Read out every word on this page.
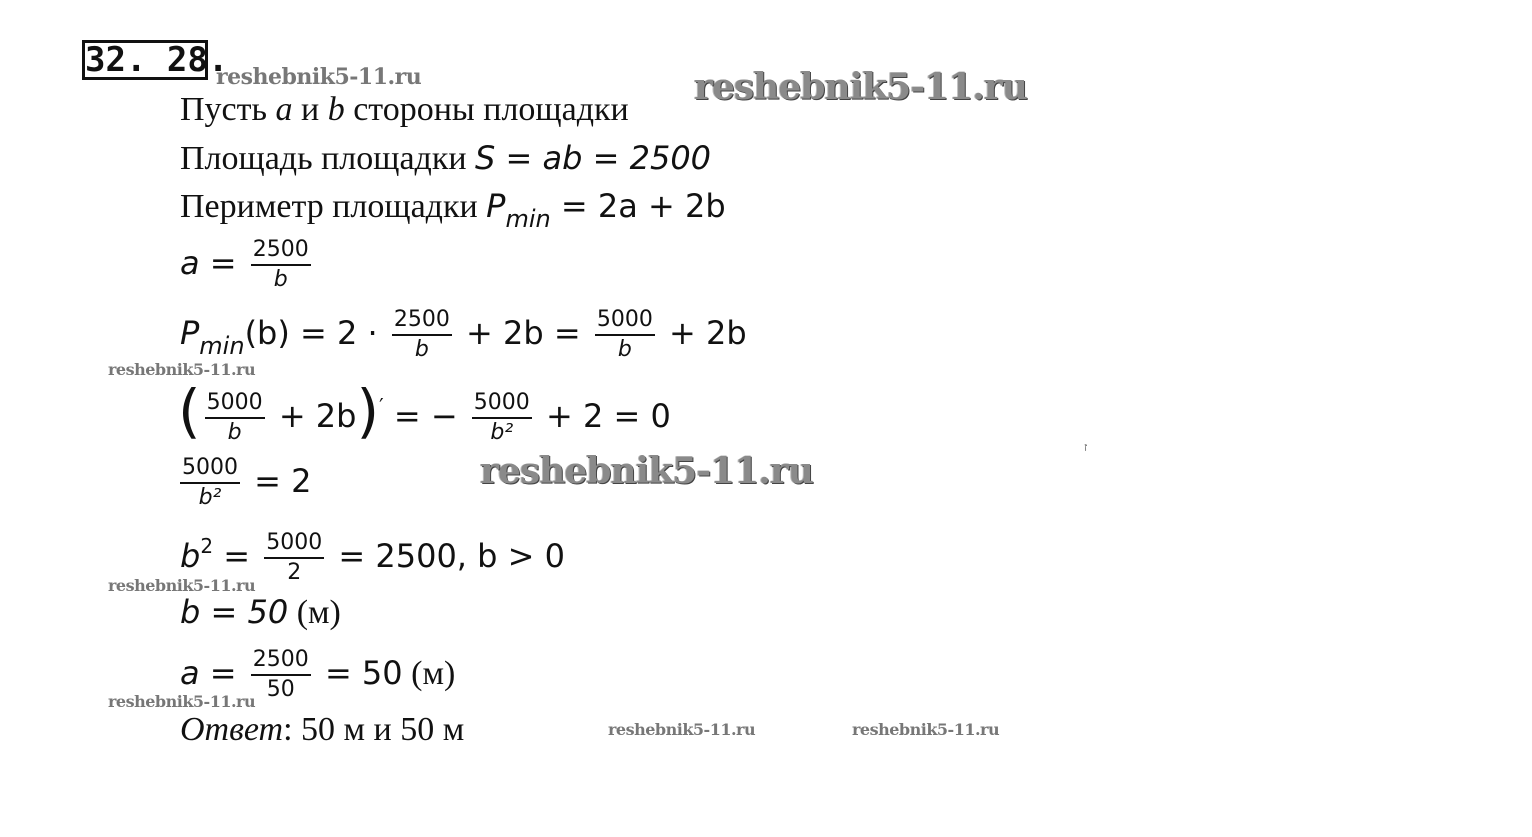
32. 28.
reshebnik5-11.ru	reshebnik5-11.ru
reshebnik5-11.ru
reshebnik5-11.ru
reshebnik5-11.ru
reshebnik5-11.ru
reshebnik5-11.ru	reshebnik5-11.ru
Пусть a и b стороны площадки
Площадь площадки S = ab = 2500
Периметр площадки $P_{min} = 2a + 2b$
$a = \frac{2500}{b}$
$P_{min}(b) = 2 \cdot \frac{2500}{b} + 2b = \frac{5000}{b} + 2b$
( $\frac{5000}{b} + 2b)'$ = − $\frac{5000}{\text{b²}} + 2 = 0$
$\frac{5000}{\text{b²}} = 2$
$b^2 = \frac{5000}{2} = 2500$, b > 0
b = 50 (м)
$a = \frac{2500}{50} = 50$ (м)
Ответ: 50 м и 50 м
ז
